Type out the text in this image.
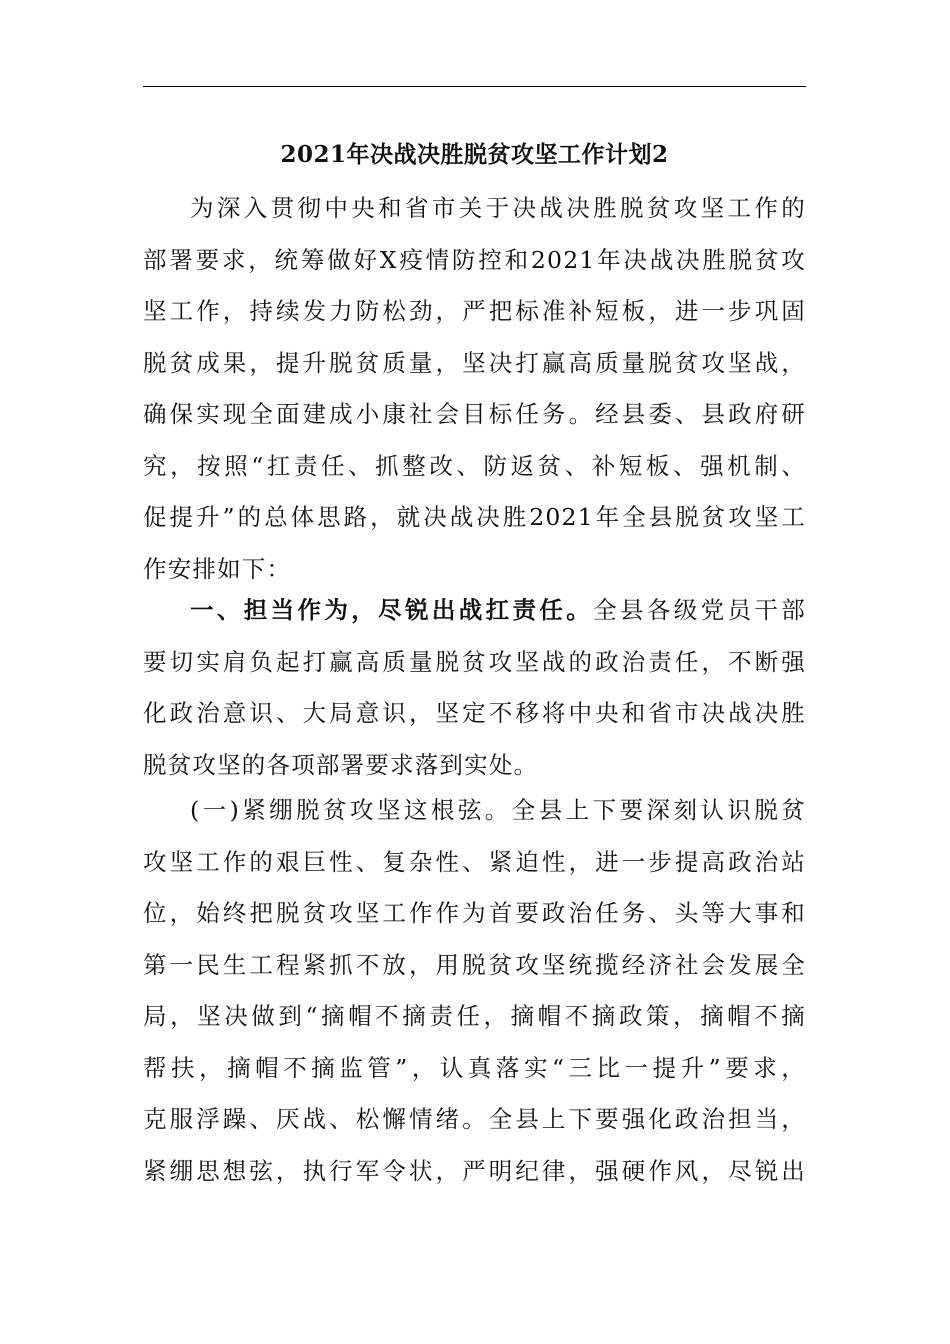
2021年决战决胜脱贫攻坚工作计划2
为深入贯彻中央和省市关于决战决胜脱贫攻坚工作的
部署要求，统筹做好X疫情防控和2021年决战决胜脱贫攻
坚工作，持续发力防松劲，严把标准补短板，进一步巩固
脱贫成果，提升脱贫质量，坚决打赢高质量脱贫攻坚战，
确保实现全面建成小康社会目标任务。经县委、县政府研
究，按照“扛责任、抓整改、防返贫、补短板、强机制、
促提升”的总体思路，就决战决胜2021年全县脱贫攻坚工
作安排如下：
一、担当作为，尽锐出战扛责任。全县各级党员干部
要切实肩负起打赢高质量脱贫攻坚战的政治责任，不断强
化政治意识、大局意识，坚定不移将中央和省市决战决胜
脱贫攻坚的各项部署要求落到实处。
(一)紧绷脱贫攻坚这根弦。全县上下要深刻认识脱贫
攻坚工作的艰巨性、复杂性、紧迫性，进一步提高政治站
位，始终把脱贫攻坚工作作为首要政治任务、头等大事和
第一民生工程紧抓不放，用脱贫攻坚统揽经济社会发展全
局，坚决做到“摘帽不摘责任，摘帽不摘政策，摘帽不摘
帮扶，摘帽不摘监管”，认真落实“三比一提升”要求，
克服浮躁、厌战、松懈情绪。全县上下要强化政治担当，
紧绷思想弦，执行军令状，严明纪律，强硬作风，尽锐出
